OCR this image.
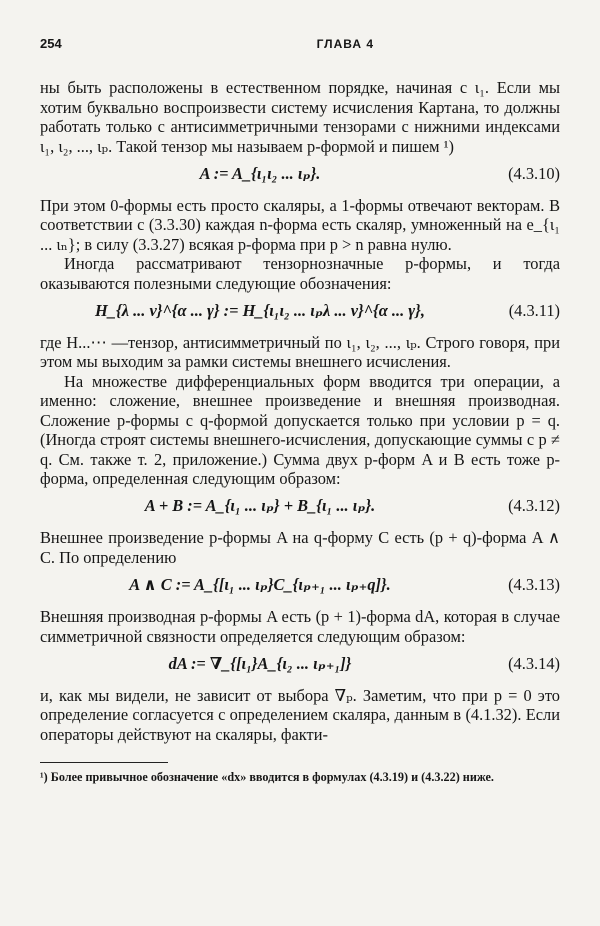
254	ГЛАВА 4

ны быть расположены в естественном порядке, начиная с ι₁. Если мы хотим буквально воспроизвести систему исчисления Картана, то должны работать только с антисимметричными тензорами с нижними индексами ι₁, ι₂, ..., ιₚ. Такой тензор мы называем p-формой и пишем ¹)

A := A_{ι₁ι₂ ... ιₚ}.	(4.3.10)

При этом 0-формы есть просто скаляры, а 1-формы отвечают векторам. В соответствии с (3.3.30) каждая n-форма есть скаляр, умноженный на e_{ι₁ ... ιₙ}; в силу (3.3.27) всякая p-форма при p > n равна нулю.

Иногда рассматривают тензорнозначные p-формы, и тогда оказываются полезными следующие обозначения:

H_{λ ... ν}^{α ... γ} := H_{ι₁ι₂ ... ιₚλ ... ν}^{α ... γ},	(4.3.11)

где H...⋯ —тензор, антисимметричный по ι₁, ι₂, ..., ιₚ. Строго говоря, при этом мы выходим за рамки системы внешнего исчисления.

На множестве дифференциальных форм вводится три операции, а именно: сложение, внешнее произведение и внешняя производная. Сложение p-формы с q-формой допускается только при условии p = q. (Иногда строят системы внешнего-исчисления, допускающие суммы с p ≠ q. См. также т. 2, приложение.) Сумма двух p-форм A и B есть тоже p-форма, определенная следующим образом:

A + B := A_{ι₁ ... ιₚ} + B_{ι₁ ... ιₚ}.	(4.3.12)

Внешнее произведение p-формы A на q-форму C есть (p + q)-форма A ∧ C. По определению

A ∧ C := A_{[ι₁ ... ιₚ}C_{ιₚ₊₁ ... ιₚ₊q]}.	(4.3.13)

Внешняя производная p-формы A есть (p + 1)-форма dA, которая в случае симметричной связности определяется следующим образом:

dA := ∇_{[ι₁}A_{ι₂ ... ιₚ₊₁]}	(4.3.14)

и, как мы видели, не зависит от выбора ∇ₚ. Заметим, что при p = 0 это определение согласуется с определением скаляра, данным в (4.1.32). Если операторы действуют на скаляры, факти-

¹) Более привычное обозначение «dx» вводится в формулах (4.3.19) и (4.3.22) ниже.
